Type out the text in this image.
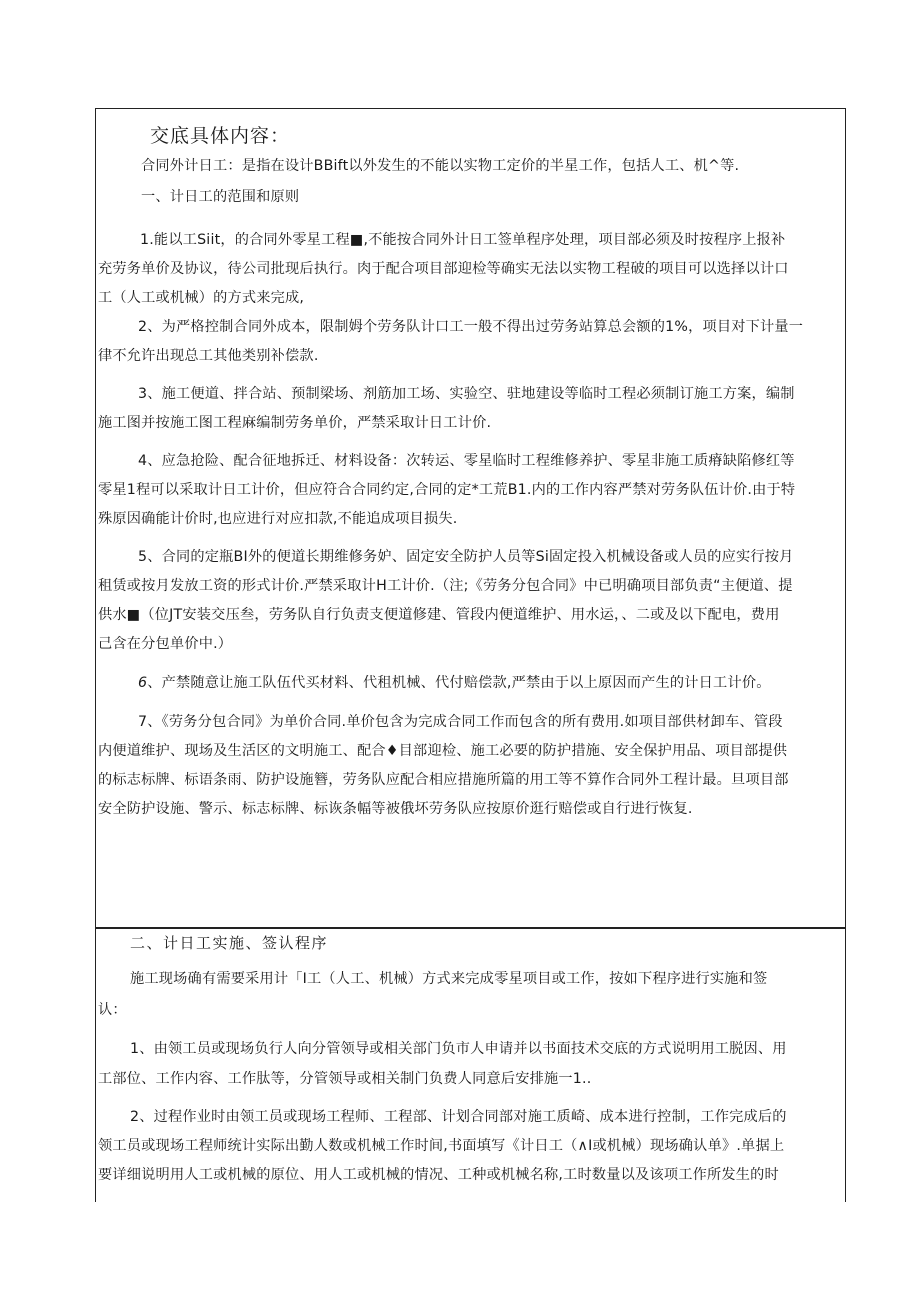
交底具体内容：
合同外计日工：是指在设计BBift以外发生的不能以实物工定价的半星工作，包括人工、机^等.
一、计日工的范围和原则
1.能以工Siit，的合同外零星工程■,不能按合同外计日工签单程序处理，项目部必须及时按程序上报补
充劳务单价及协议，待公司批现后执行。肉于配合项目部迎检等确实无法以实物工程破的项目可以选择以计口
工（人工或机械）的方式来完成,
2、为严格控制合同外成本，限制姆个劳务队计口工一般不得出过劳务站算总会额的1%，项目对下计量一
律不允许出现总工其他类别补偿款.
3、施工便道、拌合站、预制梁场、剂筋加工场、实验空、驻地建设等临时工程必须制订施工方案，编制
施工图并按施工图工程麻编制劳务单价，严禁采取计日工计价.
4、应急抢险、配合征地拆迁、材料设备：次转运、零星临时工程维修养护、零星非施工质瘠缺陷修红等
零星1程可以采取计日工计价，但应符合合同约定,合同的定*工荒B1.内的工作内容严禁对劳务队伍计价.由于特
殊原因确能计价时,也应进行对应扣款,不能追成项目损失.
5、合同的定瓶BI外的便道长期维修务妒、固定安全防护人员等Si固定投入机械设备或人员的应实行按月
租赁或按月发放工资的形式计价.严禁采取计H工计价.（注;《劳务分包合同》中已明确项目部负责“主便道、提
供水■（位JT安装交压叁，劳务队自行负责支便道修建、管段内便道维护、用水运，、二或及以下配电，费用
己含在分包单价中.）
6、产禁随意让施工队伍代买材料、代租机械、代付赔偿款,严禁由于以上原因而产生的计日工计价。
7、《劳务分包合同》为单价合同.单价包含为完成合同工作而包含的所有费用.如项目部供材卸车、管段
内便道维护、现场及生活区的文明施工、配合♦目部迎检、施工必要的防护措施、安全保护用品、项目部提供
的标志标牌、标语条雨、防护设施簪，劳务队应配合相应措施所篇的用工等不算作合同外工程计最。旦项目部
安全防护设施、警示、标志标牌、标诙条幅等被俄坏劳务队应按原价逛行赔偿或自行进行恢复.
二、计日工实施、签认程序
施工现场确有需要采用计「I工（人工、机械）方式来完成零星项目或工作，按如下程序进行实施和签
认：
1、由领工员或现场负行人向分管领导或相关部门负市人申请并以书面技术交底的方式说明用工脱因、用
工部位、工作内容、工作肽等，分管领导或相关制门负费人同意后安排施一1..
2、过程作业时由领工员或现场工程师、工程部、计划合同部对施工质崎、成本进行控制，工作完成后的
领工员或现场工程师统计实际出勤人数或机械工作时间,书面填写《计日工（∧I或机械）现场确认单》.单据上
要详细说明用人工或机械的原位、用人工或机械的情况、工种或机械名称,工时数量以及该项工作所发生的时
